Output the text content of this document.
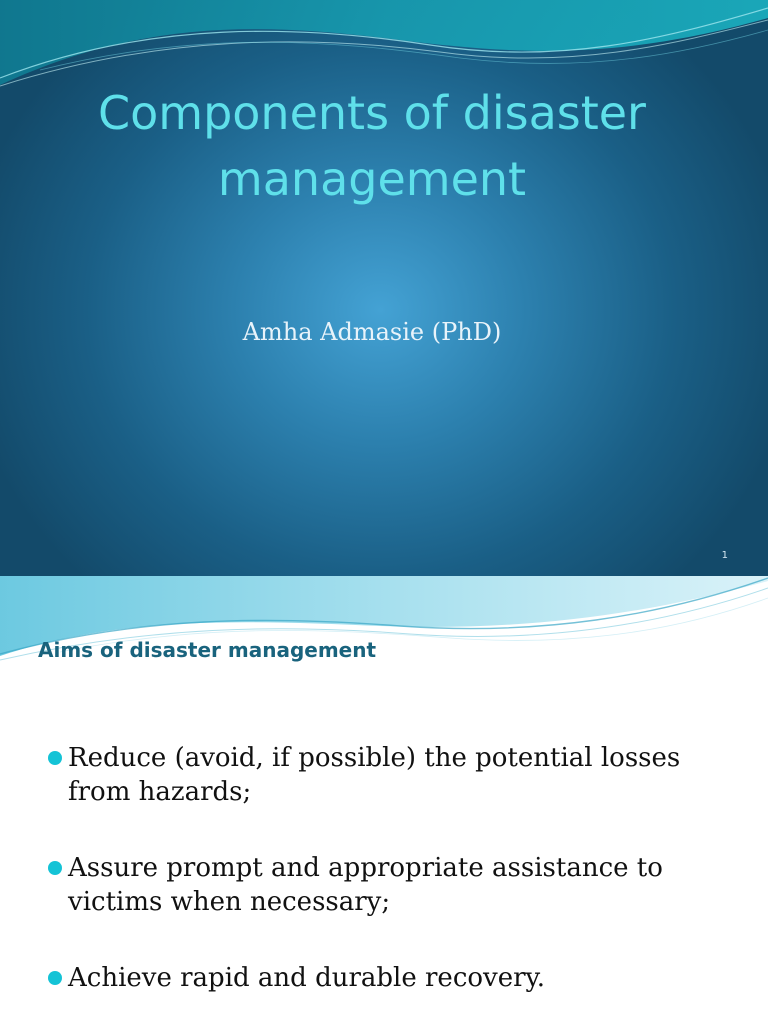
Components of disaster
management
Amha Admasie (PhD)
1
Aims of disaster management
Reduce (avoid, if possible) the potential losses from hazards;
Assure prompt and appropriate assistance to victims when necessary;
Achieve rapid and durable recovery.
